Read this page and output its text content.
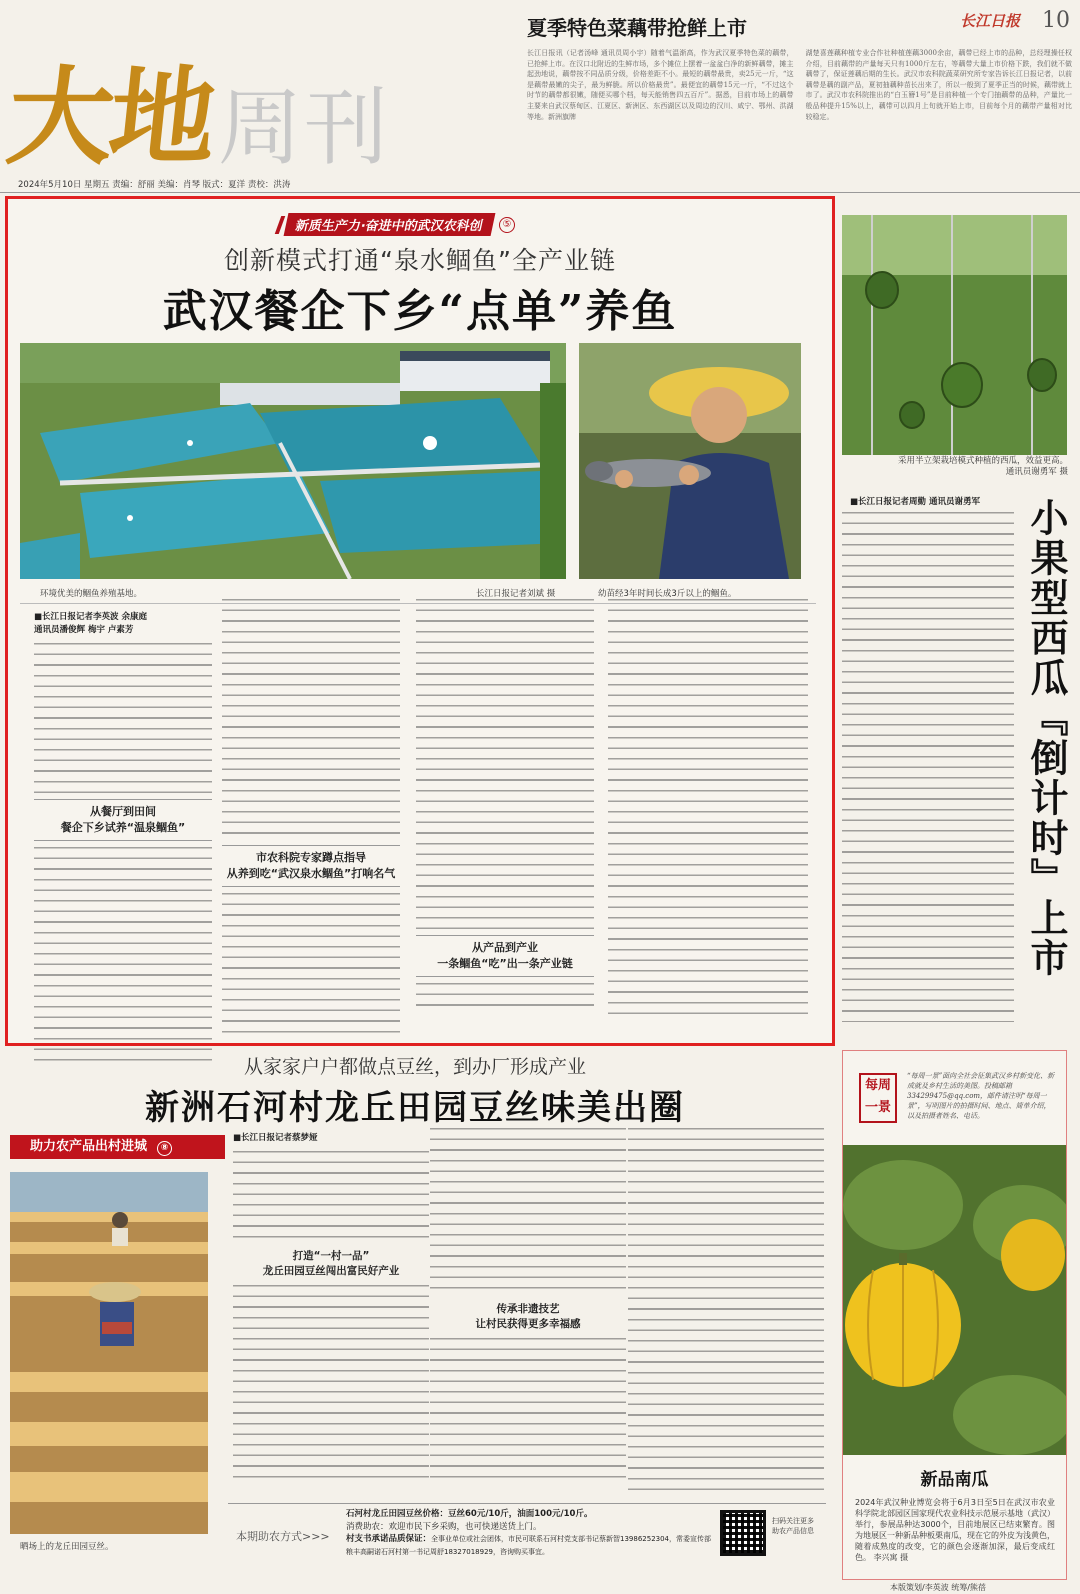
大地 周刊
夏季特色菜藕带抢鲜上市	长江日报 10
长江日报讯（记者汤峰 通讯员周小宇）随着气温渐高，作为武汉夏季特色菜的藕带，已抢鲜上市。在汉口北附近的生鲜市场，多个摊位上摆着一盆盆白净的新鲜藕带，摊主起劲地说，藕带按不同品质分级，价格差距不小。最短的藕带最贵，卖25元一斤，“这是藕带最嫩的尖子，最为鲜脆。所以价格最贵”。最便宜的藕带15元一斤，“不过这个时节的藕带都很嫩，随便买哪个档，每天能销售四五百斤”。据悉，目前市场上的藕带主要来自武汉蔡甸区、江夏区、新洲区、东西湖区以及周边的汉川、咸宁、鄂州、洪湖等地。新洲旗牌
湖楚喜莲藕种植专业合作社种植莲藕3000余亩，藕带已经上市的品种，总经理操任权介绍，目前藕带的产量每天只有1000斤左右，等藕带大量上市价格下跌，我们就不做藕带了，保证莲藕后期的生长。武汉市农科院蔬菜研究所专家告诉长江日报记者，以前藕带是藕的副产品，夏初抽藕种苗长出来了，所以一般到了夏季正当的时候，藕带就上市了。武汉市农科院推出的“白玉簪1号”是目前种植一个专门抽藕带的品种，产量比一般品种提升15%以上，藕带可以四月上旬就开始上市，目前每个月的藕带产量相对比较稳定。
2024年5月10日 星期五 责编：舒丽 美编：肖琴 版式：夏洋 责校：洪涛
新质生产力·奋进中的武汉农科创	⑤
创新模式打通“泉水鲴鱼”全产业链
武汉餐企下乡“点单”养鱼
环境优美的鲴鱼养殖基地。	长江日报记者刘斌 摄	幼苗经3年时间长成3斤以上的鲴鱼。
■长江日报记者李英波 余康庭
通讯员潘俊辉 梅宇 卢素芳
从餐厅到田间
餐企下乡试养“温泉鲴鱼”
市农科院专家蹲点指导
从养到吃“武汉泉水鲴鱼”打响名气
从产品到产业
一条鲴鱼“吃”出一条产业链
采用半立架栽培模式种植的西瓜，效益更高。
通讯员谢勇军 摄
■长江日报记者周勤 通讯员谢勇军 小果型西瓜『倒计时』上市
每周一景
“每周一景”面向全社会征集武汉乡村新变化、新成就及乡村生活的美图。投稿邮箱 334299475@qq.com，邮件请注明“每周一景”，写明图片的拍摄时间、地点、简单介绍，以及拍摄者姓名、电话。
新品南瓜
2024年武汉种业博览会将于6月3日至5日在武汉市农业科学院北部园区国家现代农业科技示范展示基地（武汉）举行，参展品种达3000个，目前地展区已结束繁育。图为地展区一种新品种板栗南瓜，现在它的外皮为浅黄色，随着成熟度的改变，它的颜色会逐渐加深，最后变成红色。 李兴寓 摄
本版策划/李英波 统筹/熊蓓
从家家户户都做点豆丝，到办厂形成产业
新洲石河村龙丘田园豆丝味美出圈
助力农产品出村进城 ⑧
晒场上的龙丘田园豆丝。
■长江日报记者蔡梦娅
打造“一村一品”
龙丘田园豆丝闯出富民好产业
传承非遗技艺
让村民获得更多幸福感
本期助农方式>>>
石河村龙丘田园豆丝价格：豆丝60元/10斤，油面100元/10斤。
消费助农：欢迎市民下乡采购，也可快递送货上门。
村支书承诺品质保证：全事业单位或社会团体，市民可联系石河村党支部书记蔡新智13986252304，常委宣传部粮丰高嗣诺石河村第一书记周舒18327018929，咨询购买事宜。
扫码关注更多助农产品信息
